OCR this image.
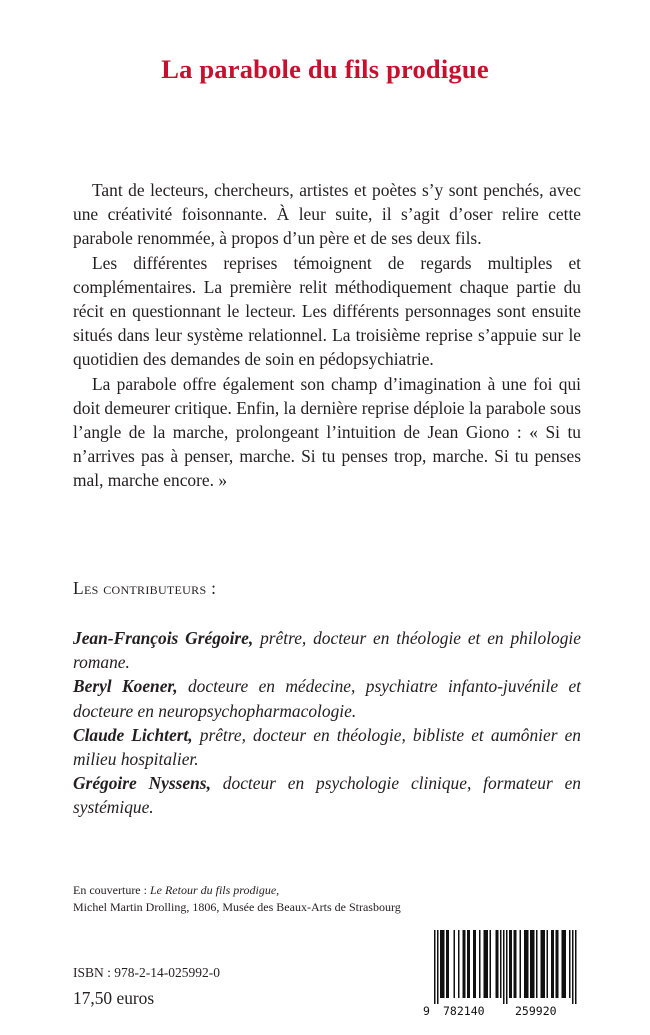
La parabole du fils prodigue

Tant de lecteurs, chercheurs, artistes et poètes s’y sont penchés, avec une créativité foisonnante. À leur suite, il s’agit d’oser relire cette parabole renommée, à propos d’un père et de ses deux fils.

Les différentes reprises témoignent de regards multiples et complémentaires. La première relit méthodiquement chaque partie du récit en questionnant le lecteur. Les différents personnages sont ensuite situés dans leur système relationnel. La troisième reprise s’appuie sur le quotidien des demandes de soin en pédopsychiatrie.

La parabole offre également son champ d’imagination à une foi qui doit demeurer critique. Enfin, la dernière reprise déploie la parabole sous l’angle de la marche, prolongeant l’intuition de Jean Giono : « Si tu n’arrives pas à penser, marche. Si tu penses trop, marche. Si tu penses mal, marche encore. »

Les contributeurs :

Jean-François Grégoire, prêtre, docteur en théologie et en philologie romane.

Beryl Koener, docteure en médecine, psychiatre infanto-juvénile et docteure en neuropsychopharmacologie.

Claude Lichtert, prêtre, docteur en théologie, bibliste et aumônier en milieu hospitalier.

Grégoire Nyssens, docteur en psychologie clinique, formateur en systémique.

En couverture : Le Retour du fils prodigue,
Michel Martin Drolling, 1806, Musée des Beaux-Arts de Strasbourg
ISBN : 978-2-14-025992-0
17,50 euros
9 782140	259920
